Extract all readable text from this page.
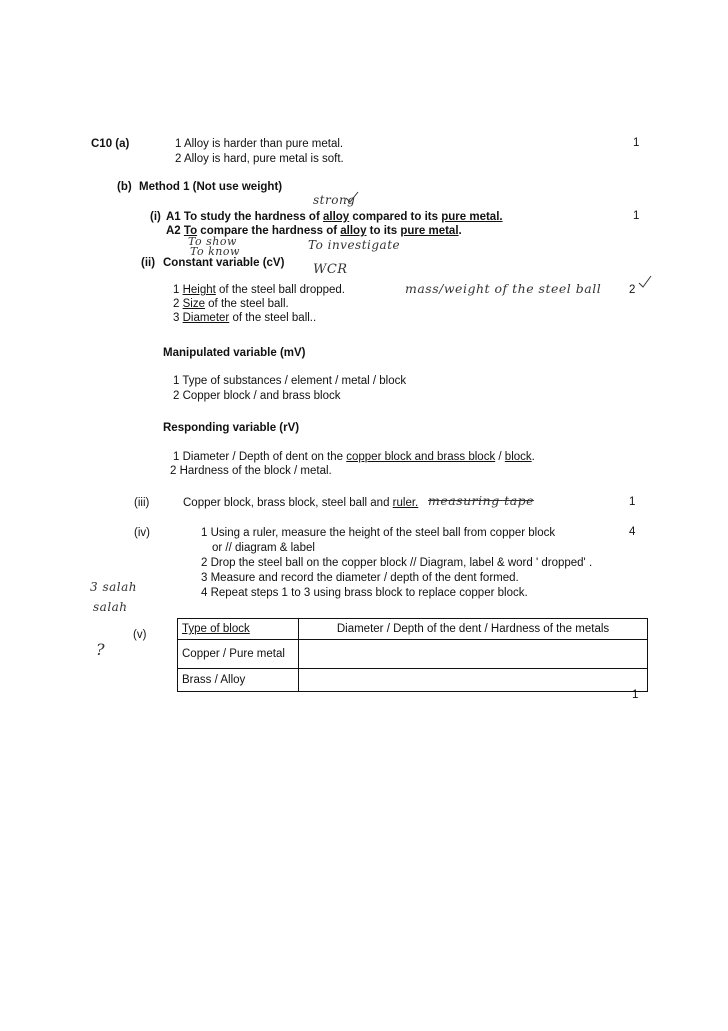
C10 (a)	1 Alloy is harder than pure metal.
2 Alloy is hard, pure metal is soft.
1
(b) Method 1 (Not use weight)
strong
(i) A1 To study the hardness of alloy compared to its pure metal.	1
A2 To compare the hardness of alloy to its pure metal.
To show
To know	To investigate
(ii) Constant variable (cV) WCR
1 Height of the steel ball dropped.
2 Size of the steel ball.
3 Diameter of the steel ball..
mass/weight of the steel ball 2
Manipulated variable (mV)
1 Type of substances / element / metal / block
2 Copper block / and brass block
Responding variable (rV)
1 Diameter / Depth of dent on the copper block and brass block / block.
2 Hardness of the block / metal.
(iii)	Copper block, brass block, steel ball and ruler. measuring tape	1
(iv)	1 Using a ruler, measure the height of the steel ball from copper block	4
or // diagram & label
2 Drop the steel ball on the copper block // Diagram, label & word ' dropped' .
3 Measure and record the diameter / depth of the dent formed.
4 Repeat steps 1 to 3 using brass block to replace copper block.
3 salah
salah
?
(v)	Type of block	Diameter / Depth of the dent / Hardness of the metals
Copper / Pure metal	
Brass / Alloy	
1
